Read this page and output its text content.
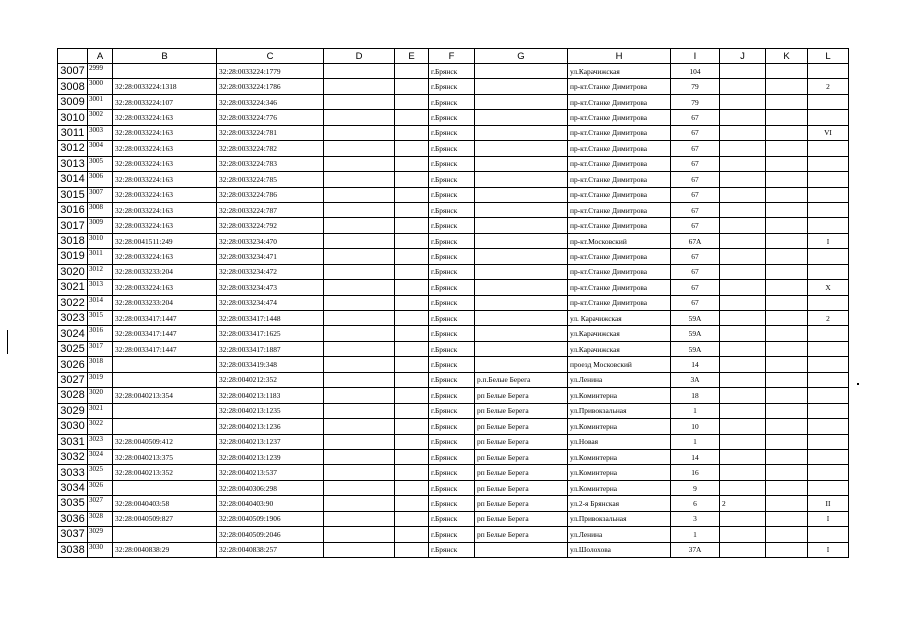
	A	B	C	D	E	F	G	H	I	J	K	L
3007	2999		32:28:0033224:1779			г.Брянск		ул.Карачижская	104			
3008	3000	32:28:0033224:1318	32:28:0033224:1786			г.Брянск		пр-кт.Станке Димитрова	79			2
3009	3001	32:28:0033224:107	32:28:0033224:346			г.Брянск		пр-кт.Станке Димитрова	79			
3010	3002	32:28:0033224:163	32:28:0033224:776			г.Брянск		пр-кт.Станке Димитрова	67			
3011	3003	32:28:0033224:163	32:28:0033224:781			г.Брянск		пр-кт.Станке Димитрова	67			VI
3012	3004	32:28:0033224:163	32:28:0033224:782			г.Брянск		пр-кт.Станке Димитрова	67			
3013	3005	32:28:0033224:163	32:28:0033224:783			г.Брянск		пр-кт.Станке Димитрова	67			
3014	3006	32:28:0033224:163	32:28:0033224:785			г.Брянск		пр-кт.Станке Димитрова	67			
3015	3007	32:28:0033224:163	32:28:0033224:786			г.Брянск		пр-кт.Станке Димитрова	67			
3016	3008	32:28:0033224:163	32:28:0033224:787			г.Брянск		пр-кт.Станке Димитрова	67			
3017	3009	32:28:0033224:163	32:28:0033224:792			г.Брянск		пр-кт.Станке Димитрова	67			
3018	3010	32:28:0041511:249	32:28:0033234:470			г.Брянск		пр-кт.Московский	67А			I
3019	3011	32:28:0033224:163	32:28:0033234:471			г.Брянск		пр-кт.Станке Димитрова	67			
3020	3012	32:28:0033233:204	32:28:0033234:472			г.Брянск		пр-кт.Станке Димитрова	67			
3021	3013	32:28:0033224:163	32:28:0033234:473			г.Брянск		пр-кт.Станке Димитрова	67			X
3022	3014	32:28:0033233:204	32:28:0033234:474			г.Брянск		пр-кт.Станке Димитрова	67			
3023	3015	32:28:0033417:1447	32:28:0033417:1448			г.Брянск		ул. Карачижская	59А			2
3024	3016	32:28:0033417:1447	32:28:0033417:1625			г.Брянск		ул.Карачижская	59А			
3025	3017	32:28:0033417:1447	32:28:0033417:1887			г.Брянск		ул.Карачижская	59А			
3026	3018		32:28:0033419:348			г.Брянск		проезд Московский	14			
3027	3019		32:28:0040212:352			г.Брянск	р.п.Белые Берега	ул.Ленина	3А			
3028	3020	32:28:0040213:354	32:28:0040213:1183			г.Брянск	рп Белые Берега	ул.Коминтерна	18			
3029	3021		32:28:0040213:1235			г.Брянск	рп Белые Берега	ул.Привокзальная	1			
3030	3022		32:28:0040213:1236			г.Брянск	рп Белые Берега	ул.Коминтерна	10			
3031	3023	32:28:0040509:412	32:28:0040213:1237			г.Брянск	рп Белые Берега	ул.Новая	1			
3032	3024	32:28:0040213:375	32:28:0040213:1239			г.Брянск	рп Белые Берега	ул.Коминтерна	14			
3033	3025	32:28:0040213:352	32:28:0040213:537			г.Брянск	рп Белые Берега	ул.Коминтерна	16			
3034	3026		32:28:0040306:298			г.Брянск	рп Белые Берега	ул.Коминтерна	9			
3035	3027	32:28:0040403:58	32:28:0040403:90			г.Брянск	рп Белые Берега	ул.2-я Брянская	6	2		II
3036	3028	32:28:0040509:827	32:28:0040509:1906			г.Брянск	рп Белые Берега	ул.Привокзальная	3			I
3037	3029		32:28:0040509:2046			г.Брянск	рп Белые Берега	ул.Ленина	1			
3038	3030	32:28:0040838:29	32:28:0040838:257			г.Брянск		ул.Шолохова	37А			I
